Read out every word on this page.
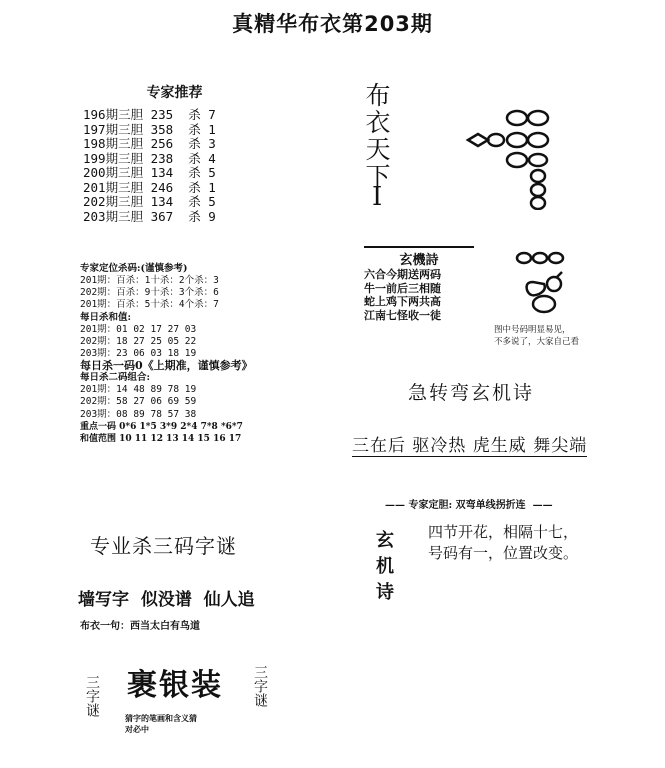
真精华布衣第203期
专家推荐
196期三胆 235 杀 7
197期三胆 358 杀 1
198期三胆 256 杀 3
199期三胆 238 杀 4
200期三胆 134 杀 5
201期三胆 246 杀 1
202期三胆 134 杀 5
203期三胆 367 杀 9
专家定位杀码:(谨慎参考)
201期：百杀：1十杀：2个杀：3
202期：百杀：9十杀：3个杀：6
201期：百杀：5十杀：4个杀：7
每日杀和值:
201期：01 02 17 27 03
202期：18 27 25 05 22
203期：23 06 03 18 19
每日杀一码0《上期准，谨慎参考》
每日杀二码组合:
201期：14 48 89 78 19
202期：58 27 06 69 59
203期：08 89 78 57 38
重点一码 0*6 1*5 3*9 2*4 7*8 *6*7
和值范围 10 11 12 13 14 15 16 17
专业杀三码字谜
墙写字  似没谱  仙人追
布衣一句：西当太白有鸟道
三字谜 裹银装 三字谜
猜字的笔画和含义猜
对必中
布衣天下
I
玄機詩
六合今期送两码
牛一前后三相随
蛇上鸡下两共高
江南七怪收一徒
图中号码明显易见，
不多说了，大家自己看
急转弯玄机诗
三在后 驱冷热 虎生威 舞尖端

—— 专家定胆: 双弯单线拐折连  ——

玄机诗 四节开花，相隔十七，
号码有一，位置改变。
